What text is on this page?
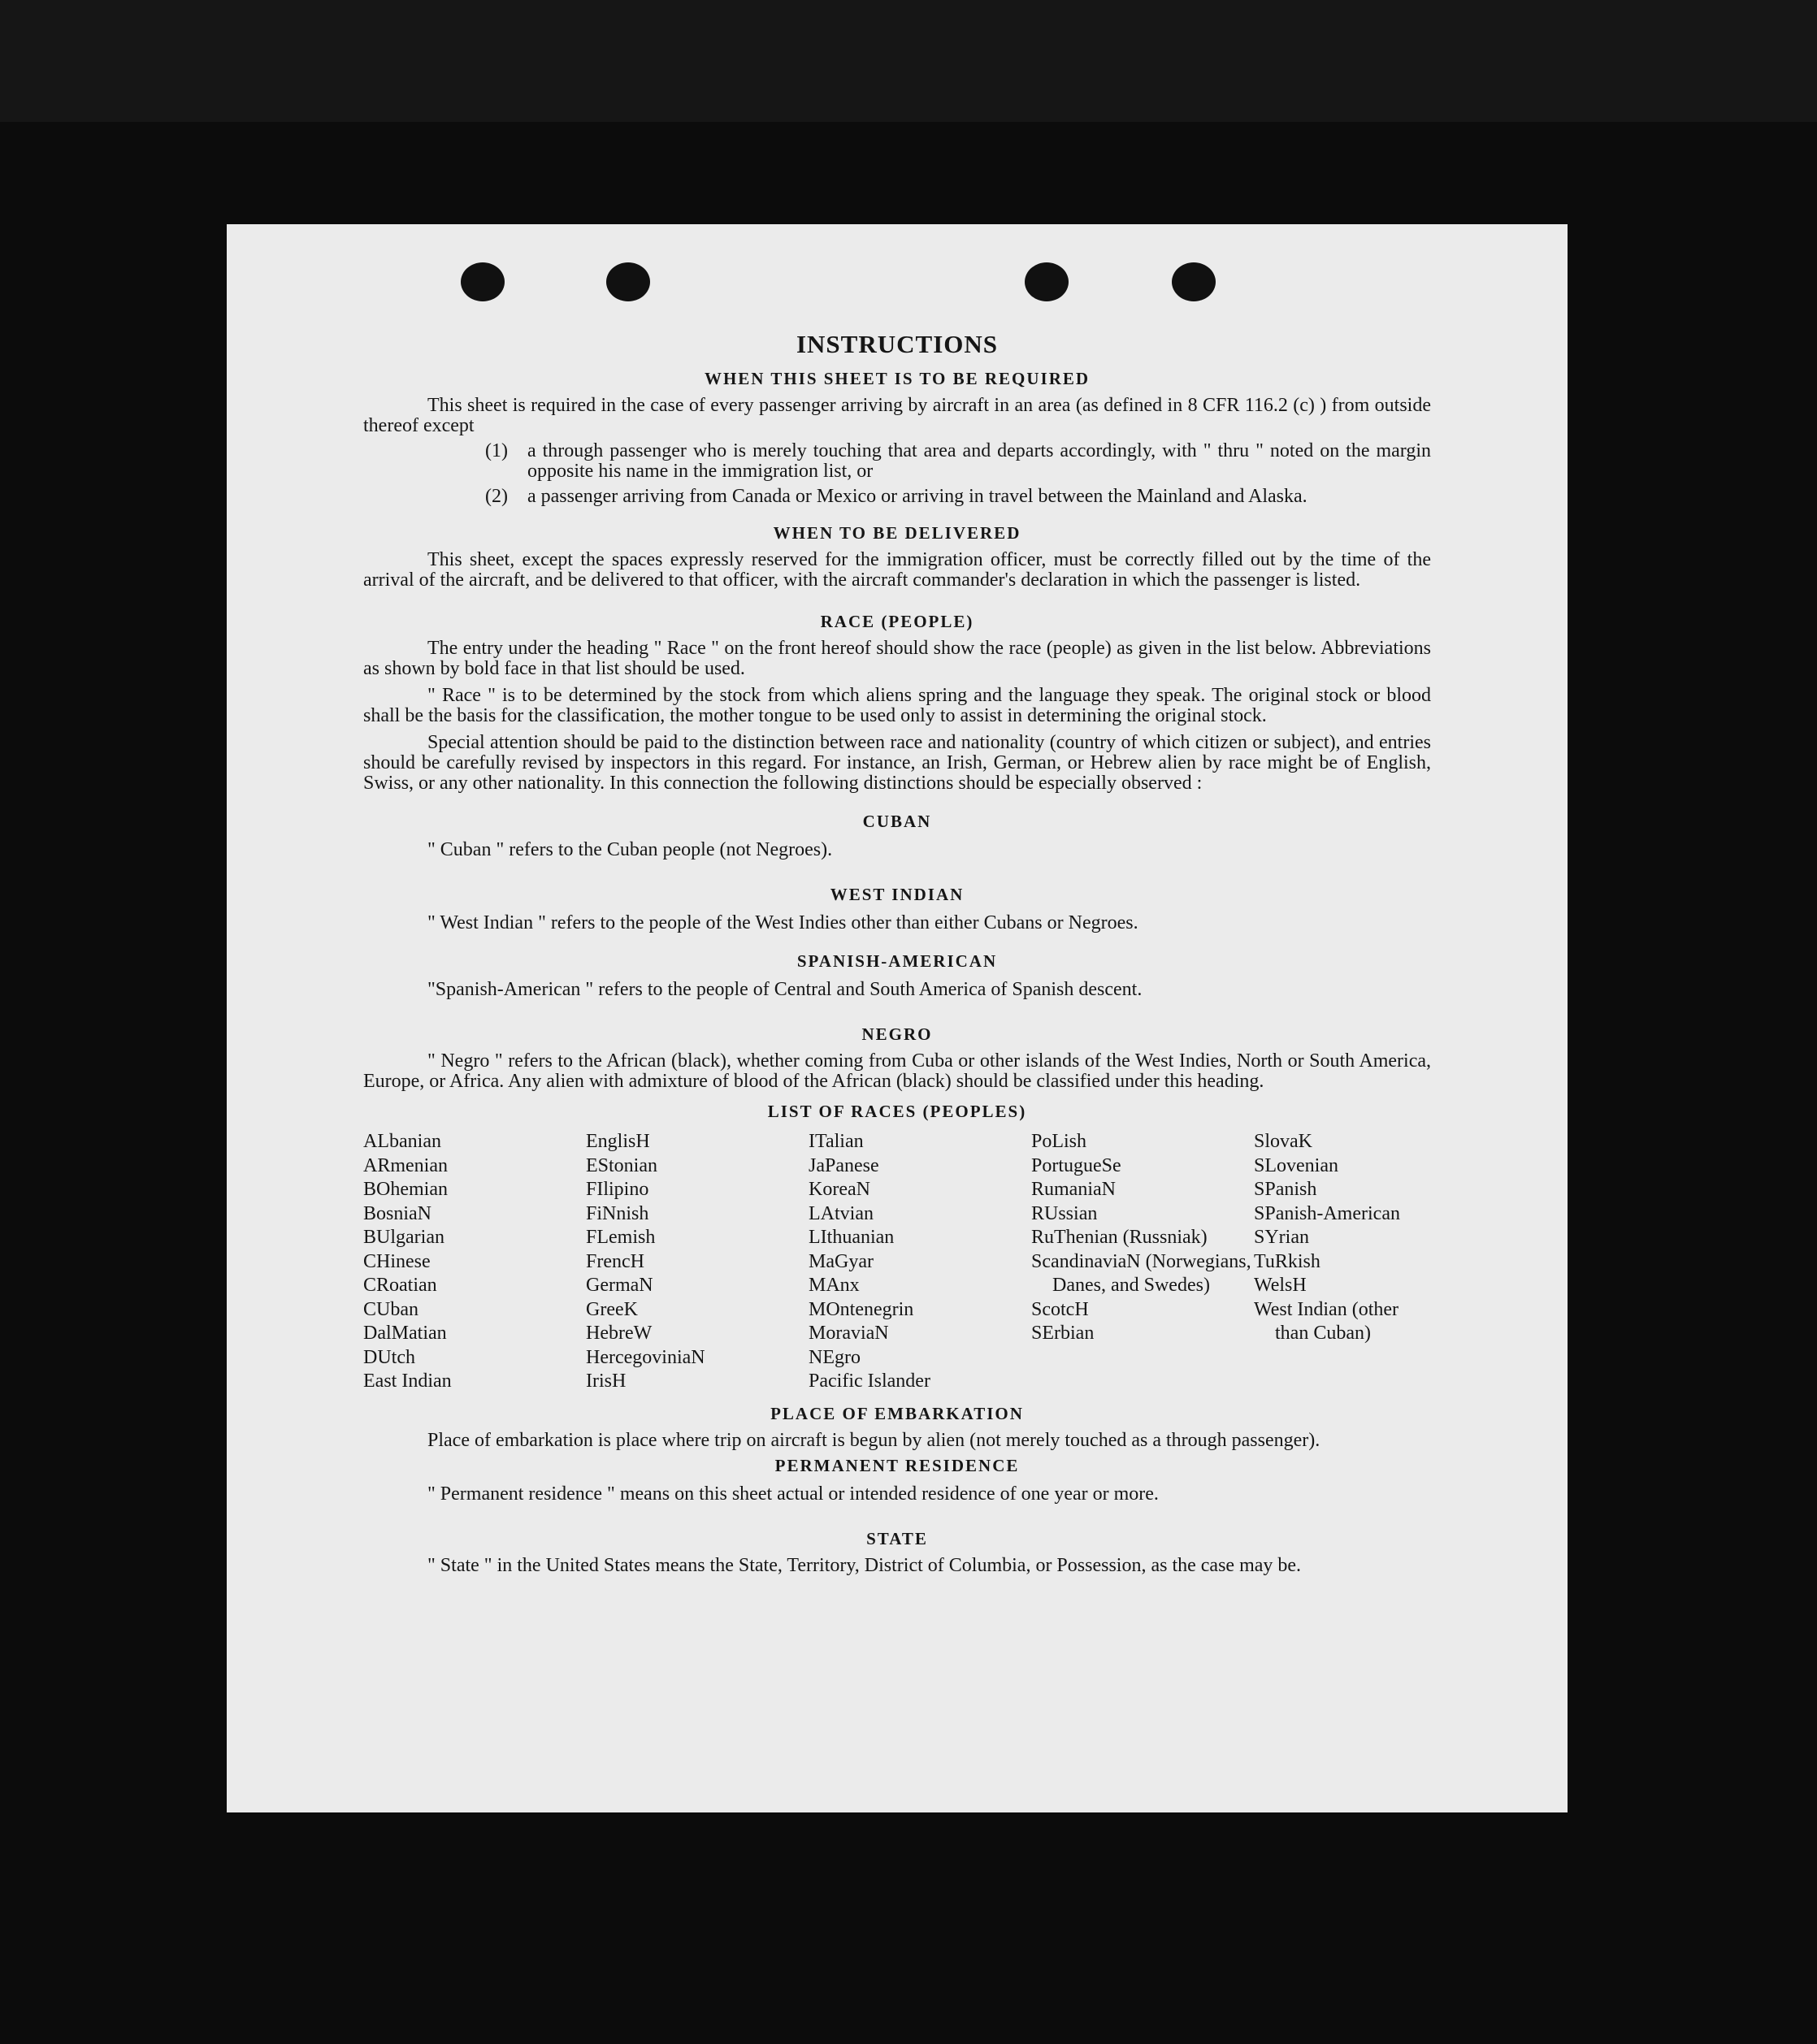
INSTRUCTIONS
WHEN THIS SHEET IS TO BE REQUIRED

This sheet is required in the case of every passenger arriving by aircraft in an area (as defined in 8 CFR 116.2 (c) ) from outside thereof except

(1)	a through passenger who is merely touching that area and departs accordingly, with " thru " noted on the margin opposite his name in the immigration list, or
(2)	a passenger arriving from Canada or Mexico or arriving in travel between the Mainland and Alaska.
WHEN TO BE DELIVERED

This sheet, except the spaces expressly reserved for the immigration officer, must be correctly filled out by the time of the arrival of the aircraft, and be delivered to that officer, with the aircraft commander's declaration in which the passenger is listed.

RACE (PEOPLE)

The entry under the heading " Race " on the front hereof should show the race (people) as given in the list below. Abbreviations as shown by bold face in that list should be used.

" Race " is to be determined by the stock from which aliens spring and the language they speak. The original stock or blood shall be the basis for the classification, the mother tongue to be used only to assist in determining the original stock.

Special attention should be paid to the distinction between race and nationality (country of which citizen or subject), and entries should be carefully revised by inspectors in this regard. For instance, an Irish, German, or Hebrew alien by race might be of English, Swiss, or any other nationality. In this connection the following distinctions should be especially observed :

CUBAN

" Cuban " refers to the Cuban people (not Negroes).

WEST INDIAN

" West Indian " refers to the people of the West Indies other than either Cubans or Negroes.

SPANISH-AMERICAN

"Spanish-American " refers to the people of Central and South America of Spanish descent.

NEGRO

" Negro " refers to the African (black), whether coming from Cuba or other islands of the West Indies, North or South America, Europe, or Africa. Any alien with admixture of blood of the African (black) should be classified under this heading.

LIST OF RACES (PEOPLES)
ALbanian
ARmenian
BOhemian
BosniaN
BUlgarian
CHinese
CRoatian
CUban
DalMatian
DUtch
East Indian
EnglisH
EStonian
FIlipino
FiNnish
FLemish
FrencH
GermaN
GreeK
HebreW
HercegoviniaN
IrisH
ITalian
JaPanese
KoreaN
LAtvian
LIthuanian
MaGyar
MAnx
MOntenegrin
MoraviaN
NEgro
Pacific Islander
PoLish
PortugueSe
RumaniaN
RUssian
RuThenian (Russniak)
ScandinaviaN (Norwegians, Danes, and Swedes)
ScotcH
SErbian
SlovaK
SLovenian
SPanish
SPanish-American
SYrian
TuRkish
WelsH
West Indian (other than Cuban)
PLACE OF EMBARKATION

Place of embarkation is place where trip on aircraft is begun by alien (not merely touched as a through passenger).

PERMANENT RESIDENCE

" Permanent residence " means on this sheet actual or intended residence of one year or more.

STATE

" State " in the United States means the State, Territory, District of Columbia, or Possession, as the case may be.
